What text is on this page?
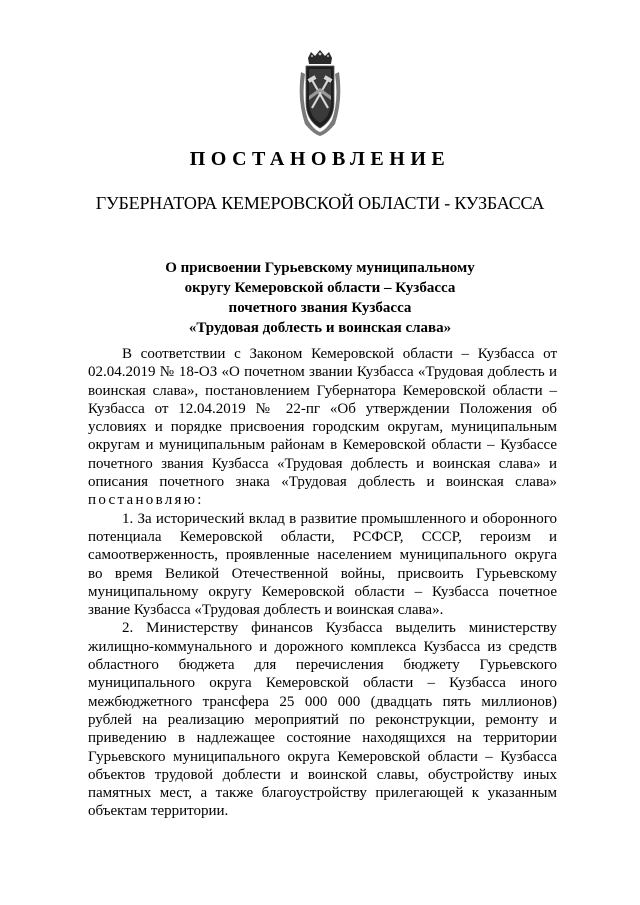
ПОСТАНОВЛЕНИЕ
ГУБЕРНАТОРА КЕМЕРОВСКОЙ ОБЛАСТИ - КУЗБАССА
О присвоении Гурьевскому муниципальному
округу Кемеровской области – Кузбасса
почетного звания Кузбасса
«Трудовая доблесть и воинская слава»

В соответствии с Законом Кемеровской области – Кузбасса от 02.04.2019 № 18-ОЗ «О почетном звании Кузбасса «Трудовая доблесть и воинская слава», постановлением Губернатора Кемеровской области – Кузбасса от 12.04.2019 № 22-пг «Об утверждении Положения об условиях и порядке присвоения городским округам, муниципальным округам и муниципальным районам в Кемеровской области – Кузбассе почетного звания Кузбасса «Трудовая доблесть и воинская слава» и описания почетного знака «Трудовая доблесть и воинская слава» постановляю:

1. За исторический вклад в развитие промышленного и оборонного потенциала Кемеровской области, РСФСР, СССР, героизм и самоотверженность, проявленные населением муниципального округа во время Великой Отечественной войны, присвоить Гурьевскому муниципальному округу Кемеровской области – Кузбасса почетное звание Кузбасса «Трудовая доблесть и воинская слава».

2. Министерству финансов Кузбасса выделить министерству жилищно-коммунального и дорожного комплекса Кузбасса из средств областного бюджета для перечисления бюджету Гурьевского муниципального округа Кемеровской области – Кузбасса иного межбюджетного трансфера 25 000 000 (двадцать пять миллионов) рублей на реализацию мероприятий по реконструкции, ремонту и приведению в надлежащее состояние находящихся на территории Гурьевского муниципального округа Кемеровской области – Кузбасса объектов трудовой доблести и воинской славы, обустройству иных памятных мест, а также благоустройству прилегающей к указанным объектам территории.
